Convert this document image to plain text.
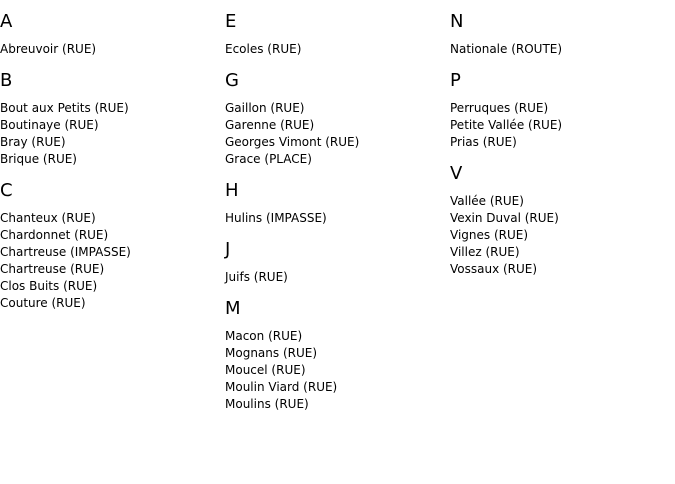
A
Abreuvoir (RUE)
B
Bout aux Petits (RUE)
Boutinaye (RUE)
Bray (RUE)
Brique (RUE)
C
Chanteux (RUE)
Chardonnet (RUE)
Chartreuse (IMPASSE)
Chartreuse (RUE)
Clos Buits (RUE)
Couture (RUE)
E
Ecoles (RUE)
G
Gaillon (RUE)
Garenne (RUE)
Georges Vimont (RUE)
Grace (PLACE)
H
Hulins (IMPASSE)
J
Juifs (RUE)
M
Macon (RUE)
Mognans (RUE)
Moucel (RUE)
Moulin Viard (RUE)
Moulins (RUE)
N
Nationale (ROUTE)
P
Perruques (RUE)
Petite Vallée (RUE)
Prias (RUE)
V
Vallée (RUE)
Vexin Duval (RUE)
Vignes (RUE)
Villez (RUE)
Vossaux (RUE)
